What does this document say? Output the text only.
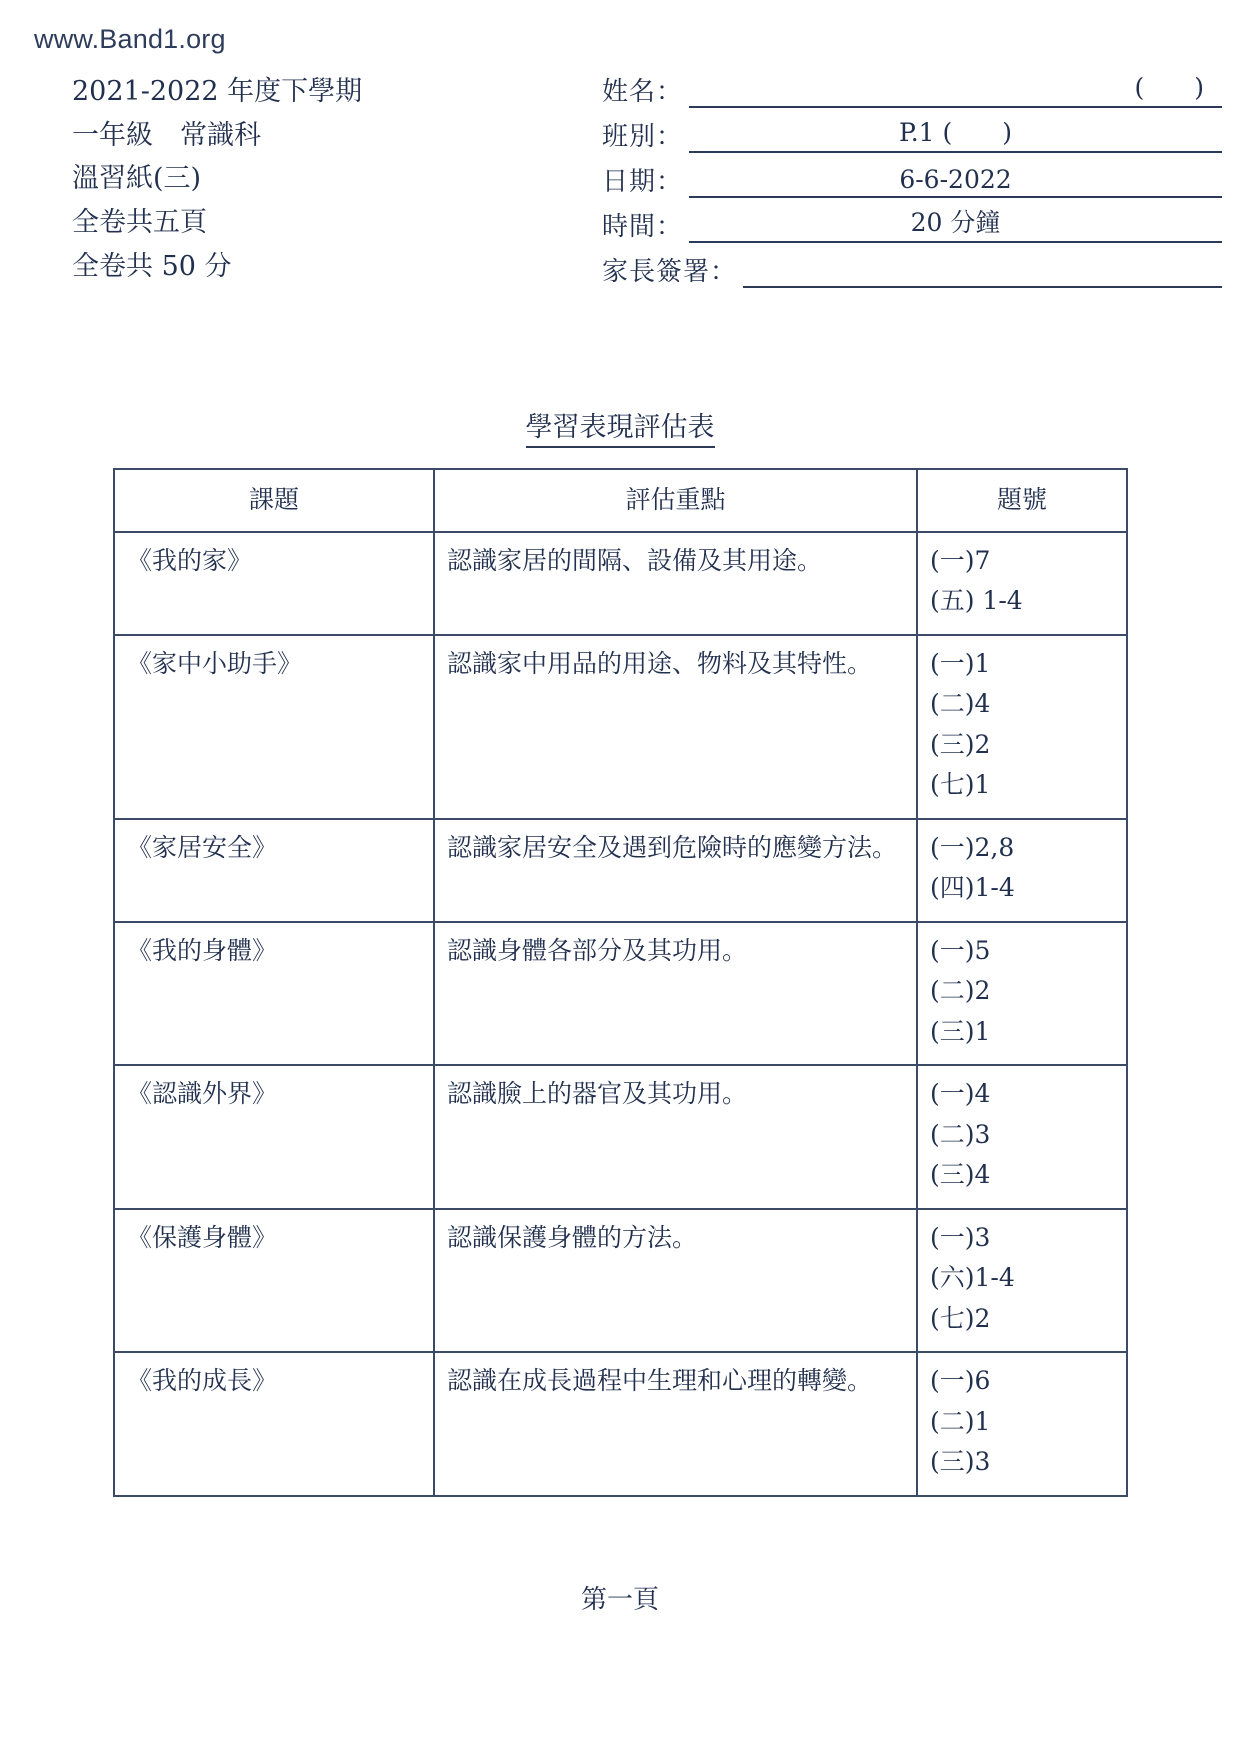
www.Band1.org
2021-2022 年度下學期
一年級　常識科
溫習紙(三)
全卷共五頁
全卷共 50 分
姓名：	(　　)
班別：	P.1 (　　)
日期：	6-6-2022
時間：	20 分鐘
家長簽署：
學習表現評估表
課題	評估重點	題號
《我的家》	認識家居的間隔、設備及其用途。	(一)7
(五) 1-4

《家中小助手》	認識家中用品的用途、物料及其特性。	(一)1
(二)4
(三)2
(七)1

《家居安全》	認識家居安全及遇到危險時的應變方法。	(一)2,8
(四)1-4

《我的身體》	認識身體各部分及其功用。	(一)5
(二)2
(三)1

《認識外界》	認識臉上的器官及其功用。	(一)4
(二)3
(三)4

《保護身體》	認識保護身體的方法。	(一)3
(六)1-4
(七)2

《我的成長》	認識在成長過程中生理和心理的轉變。	(一)6
(二)1
(三)3
第一頁
